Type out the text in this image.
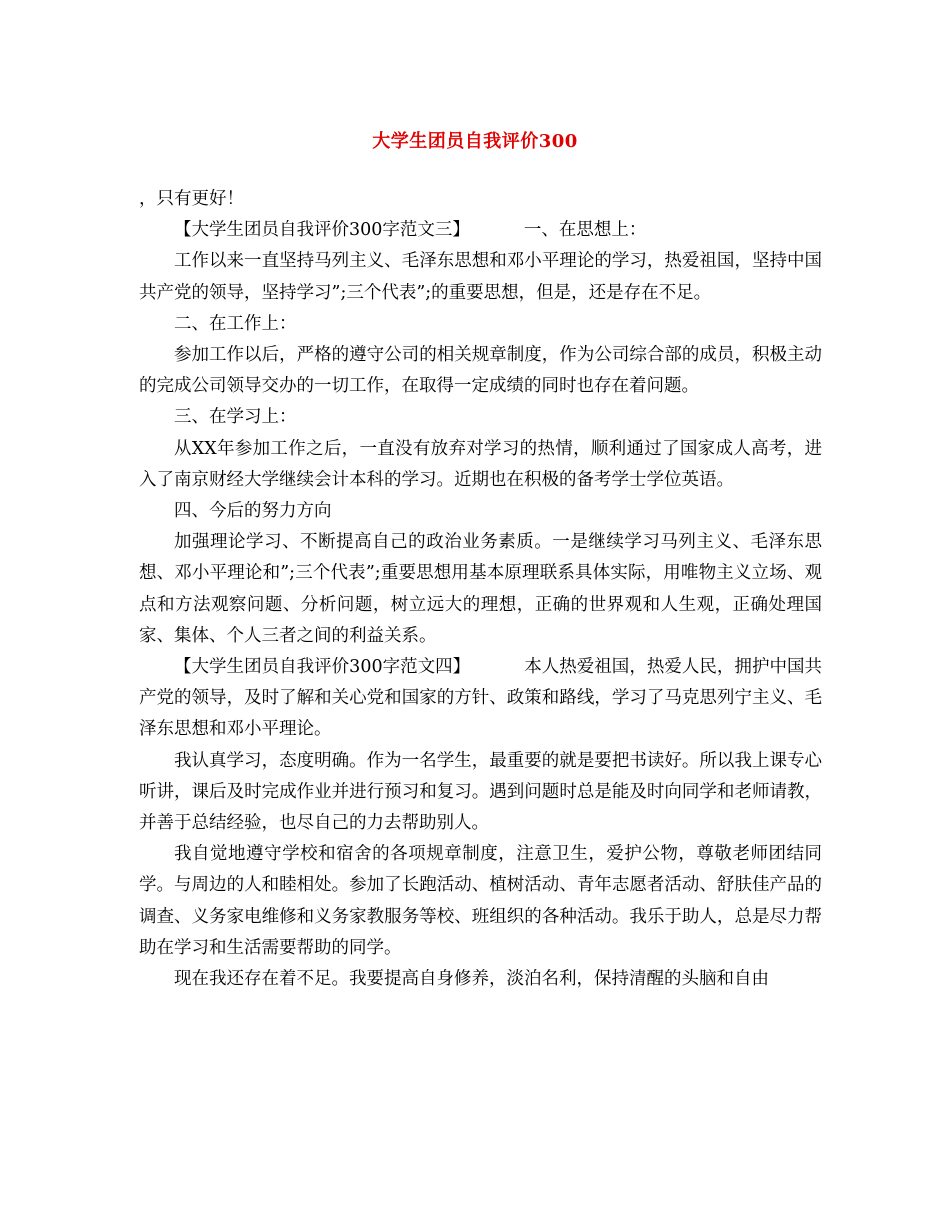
大学生团员自我评价300

，只有更好！

【大学生团员自我评价300字范文三】	一、在思想上：

工作以来一直坚持马列主义、毛泽东思想和邓小平理论的学习，热爱祖国，坚持中国共产党的领导，坚持学习”;三个代表”;的重要思想，但是，还是存在不足。

二、在工作上：

参加工作以后，严格的遵守公司的相关规章制度，作为公司综合部的成员，积极主动的完成公司领导交办的一切工作，在取得一定成绩的同时也存在着问题。

三、在学习上：

从XX年参加工作之后，一直没有放弃对学习的热情，顺利通过了国家成人高考，进入了南京财经大学继续会计本科的学习。近期也在积极的备考学士学位英语。

四、今后的努力方向

加强理论学习、不断提高自己的政治业务素质。一是继续学习马列主义、毛泽东思想、邓小平理论和”;三个代表”;重要思想用基本原理联系具体实际，用唯物主义立场、观点和方法观察问题、分析问题，树立远大的理想，正确的世界观和人生观，正确处理国家、集体、个人三者之间的利益关系。

【大学生团员自我评价300字范文四】	本人热爱祖国，热爱人民，拥护中国共产党的领导，及时了解和关心党和国家的方针、政策和路线，学习了马克思列宁主义、毛泽东思想和邓小平理论。

我认真学习，态度明确。作为一名学生，最重要的就是要把书读好。所以我上课专心听讲，课后及时完成作业并进行预习和复习。遇到问题时总是能及时向同学和老师请教，并善于总结经验，也尽自己的力去帮助别人。

我自觉地遵守学校和宿舍的各项规章制度，注意卫生，爱护公物，尊敬老师团结同学。与周边的人和睦相处。参加了长跑活动、植树活动、青年志愿者活动、舒肤佳产品的调查、义务家电维修和义务家教服务等校、班组织的各种活动。我乐于助人，总是尽力帮助在学习和生活需要帮助的同学。

现在我还存在着不足。我要提高自身修养，淡泊名利，保持清醒的头脑和自由
